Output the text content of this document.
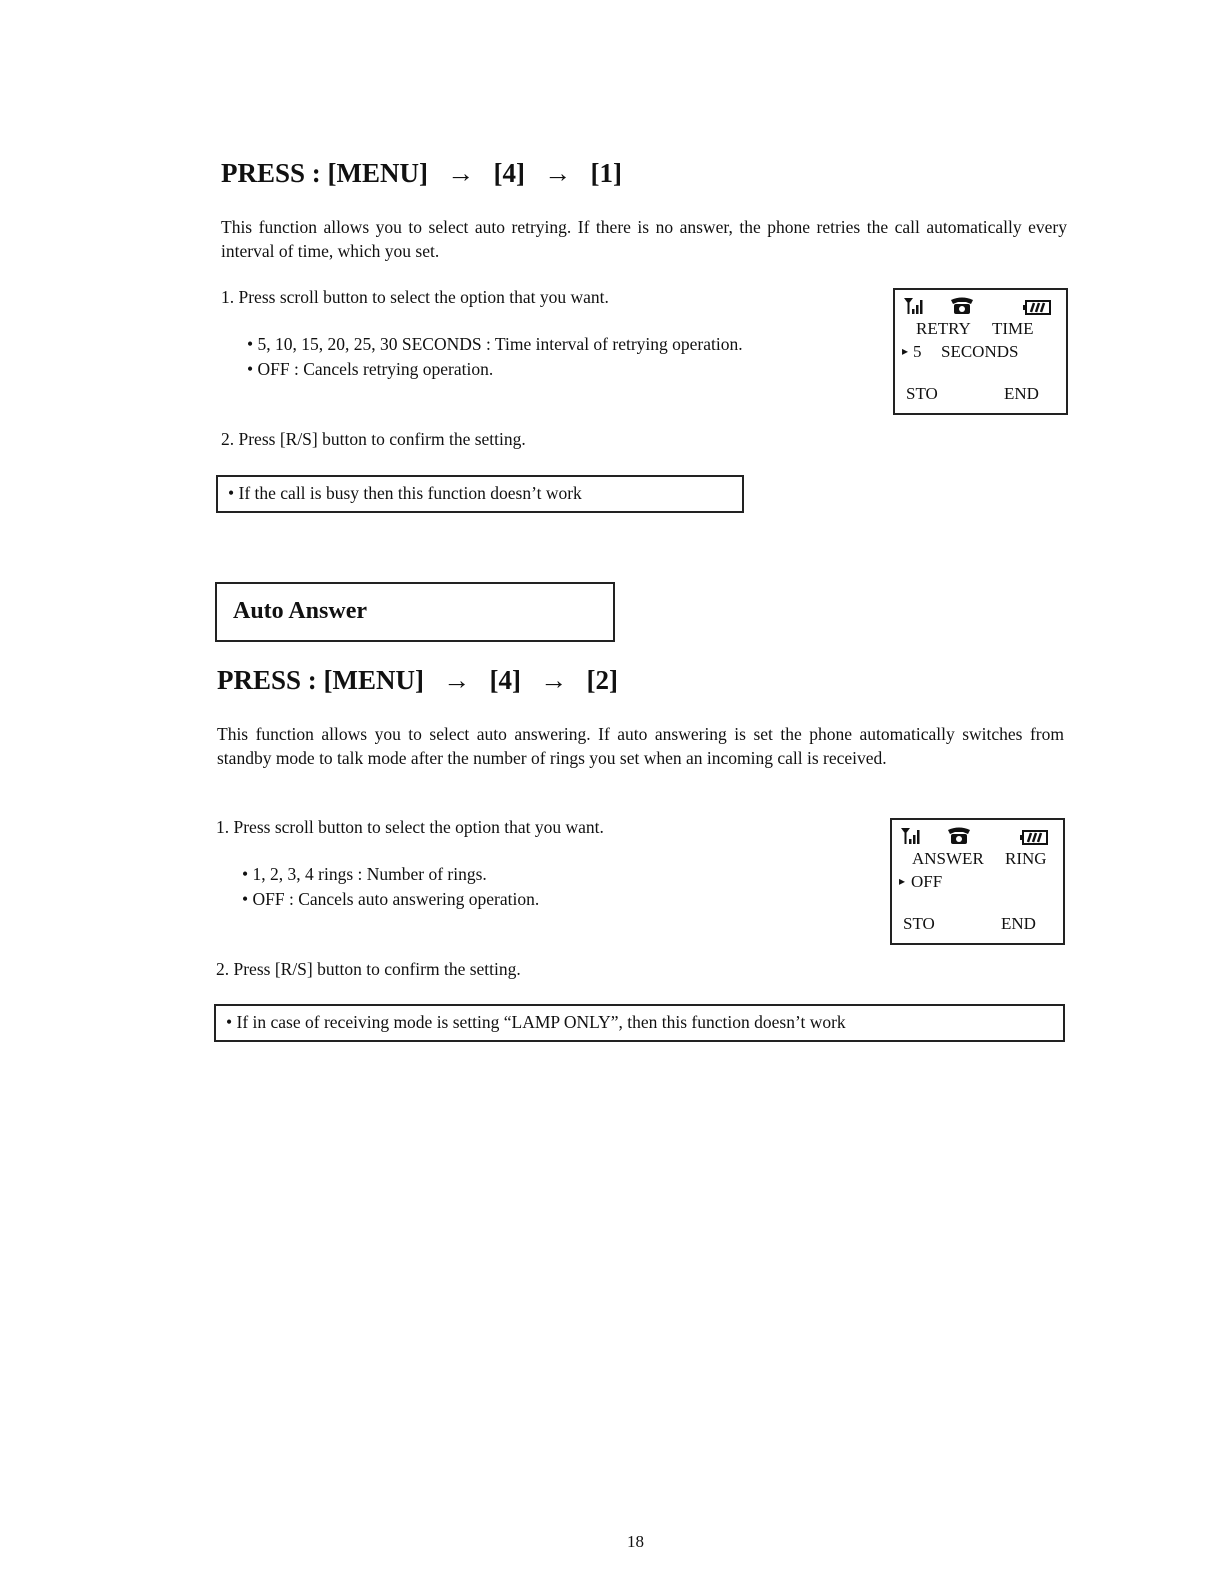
PRESS : [MENU] → [4] → [1]
This function allows you to select auto retrying. If there is no answer, the phone retries the call automatically every interval of time, which you set.
1. Press scroll button to select the option that you want.
• 5, 10, 15, 20, 25, 30 SECONDS : Time interval of retrying operation.
• OFF : Cancels retrying operation.
2. Press [R/S] button to confirm the setting.
• If the call is busy then this function doesn’t work
RETRY TIME
▸ 5 SECONDS
STO	END
Auto Answer
PRESS : [MENU] → [4] → [2]
This function allows you to select auto answering. If auto answering is set the phone automatically switches from standby mode to talk mode after the number of rings you set when an incoming call is received.
1. Press scroll button to select the option that you want.
• 1, 2, 3, 4 rings : Number of rings.
• OFF : Cancels auto answering operation.
2. Press [R/S] button to confirm the setting.
• If in case of receiving mode is setting “LAMP ONLY”, then this function doesn’t work
ANSWER RING
▸ OFF
STO	END
18
